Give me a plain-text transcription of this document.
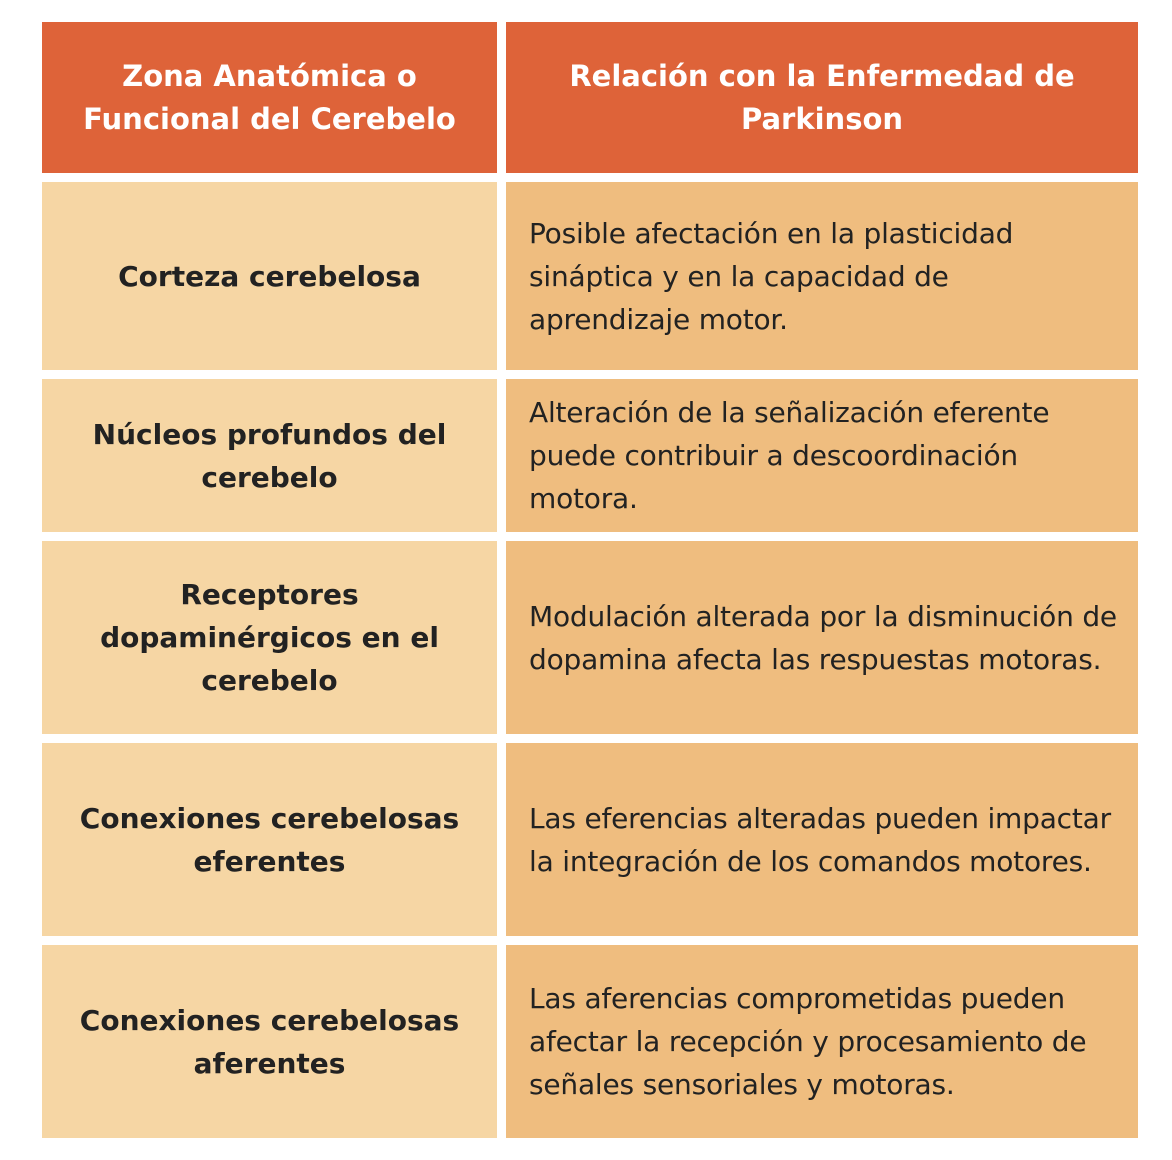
Zona Anatómica o Funcional del Cerebelo
Relación con la Enfermedad de Parkinson
Corteza cerebelosa
Posible afectación en la plasticidad sináptica y en la capacidad de aprendizaje motor.
Núcleos profundos del cerebelo
Alteración de la señalización eferente puede contribuir a descoordinación motora.
Receptores dopaminérgicos en el cerebelo
Modulación alterada por la disminución de dopamina afecta las respuestas motoras.
Conexiones cerebelosas eferentes
Las eferencias alteradas pueden impactar la integración de los comandos motores.
Conexiones cerebelosas aferentes
Las aferencias comprometidas pueden afectar la recepción y procesamiento de señales sensoriales y motoras.
